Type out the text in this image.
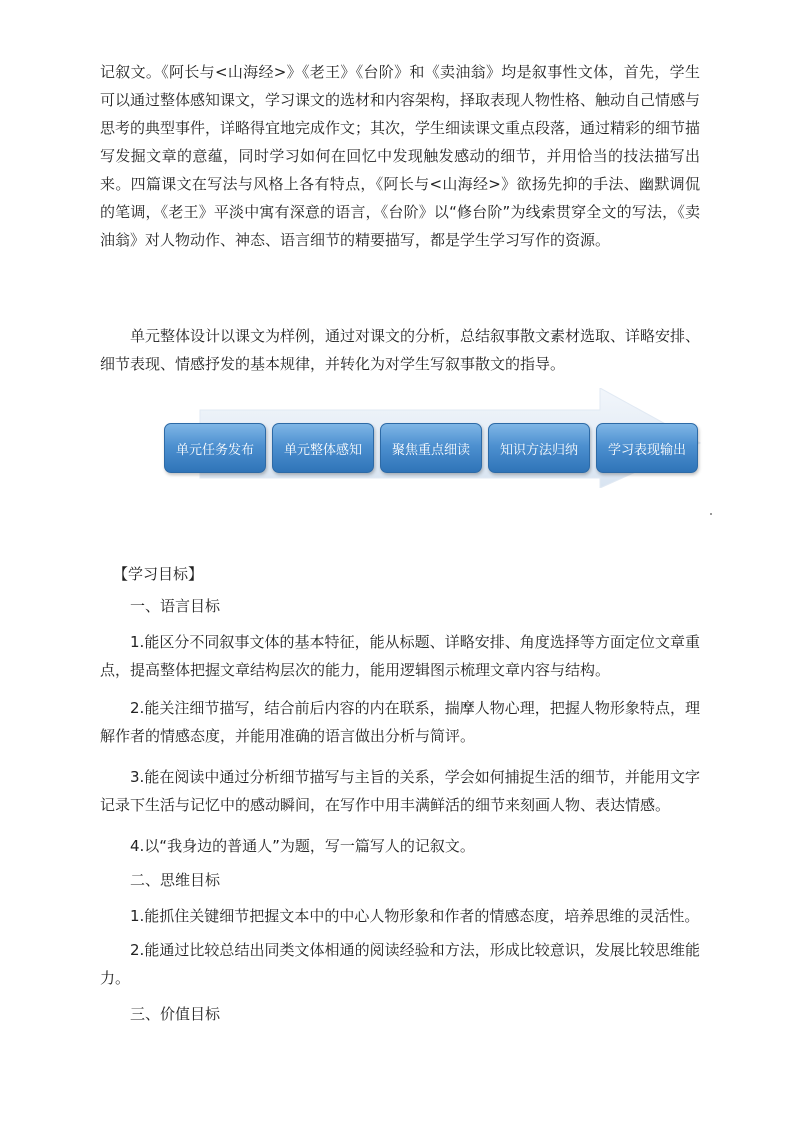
记叙文。《阿长与<山海经>》《老王》《台阶》和《卖油翁》均是叙事性文体，首先，学生可以通过整体感知课文，学习课文的选材和内容架构，择取表现人物性格、触动自己情感与思考的典型事件，详略得宜地完成作文；其次，学生细读课文重点段落，通过精彩的细节描写发掘文章的意蕴，同时学习如何在回忆中发现触发感动的细节，并用恰当的技法描写出来。四篇课文在写法与风格上各有特点，《阿长与<山海经>》欲扬先抑的手法、幽默调侃的笔调，《老王》平淡中寓有深意的语言，《台阶》以“修台阶”为线索贯穿全文的写法，《卖油翁》对人物动作、神态、语言细节的精要描写，都是学生学习写作的资源。

单元整体设计以课文为样例，通过对课文的分析，总结叙事散文素材选取、详略安排、细节表现、情感抒发的基本规律，并转化为对学生写叙事散文的指导。

单元任务发布	单元整体感知	聚焦重点细读	知识方法归纳	学习表现输出

【学习目标】

一、语言目标

1.能区分不同叙事文体的基本特征，能从标题、详略安排、角度选择等方面定位文章重点，提高整体把握文章结构层次的能力，能用逻辑图示梳理文章内容与结构。

2.能关注细节描写，结合前后内容的内在联系，揣摩人物心理，把握人物形象特点，理解作者的情感态度，并能用准确的语言做出分析与简评。

3.能在阅读中通过分析细节描写与主旨的关系，学会如何捕捉生活的细节，并能用文字记录下生活与记忆中的感动瞬间，在写作中用丰满鲜活的细节来刻画人物、表达情感。

4.以“我身边的普通人”为题，写一篇写人的记叙文。

二、思维目标

1.能抓住关键细节把握文本中的中心人物形象和作者的情感态度，培养思维的灵活性。

2.能通过比较总结出同类文体相通的阅读经验和方法，形成比较意识，发展比较思维能力。

三、价值目标
